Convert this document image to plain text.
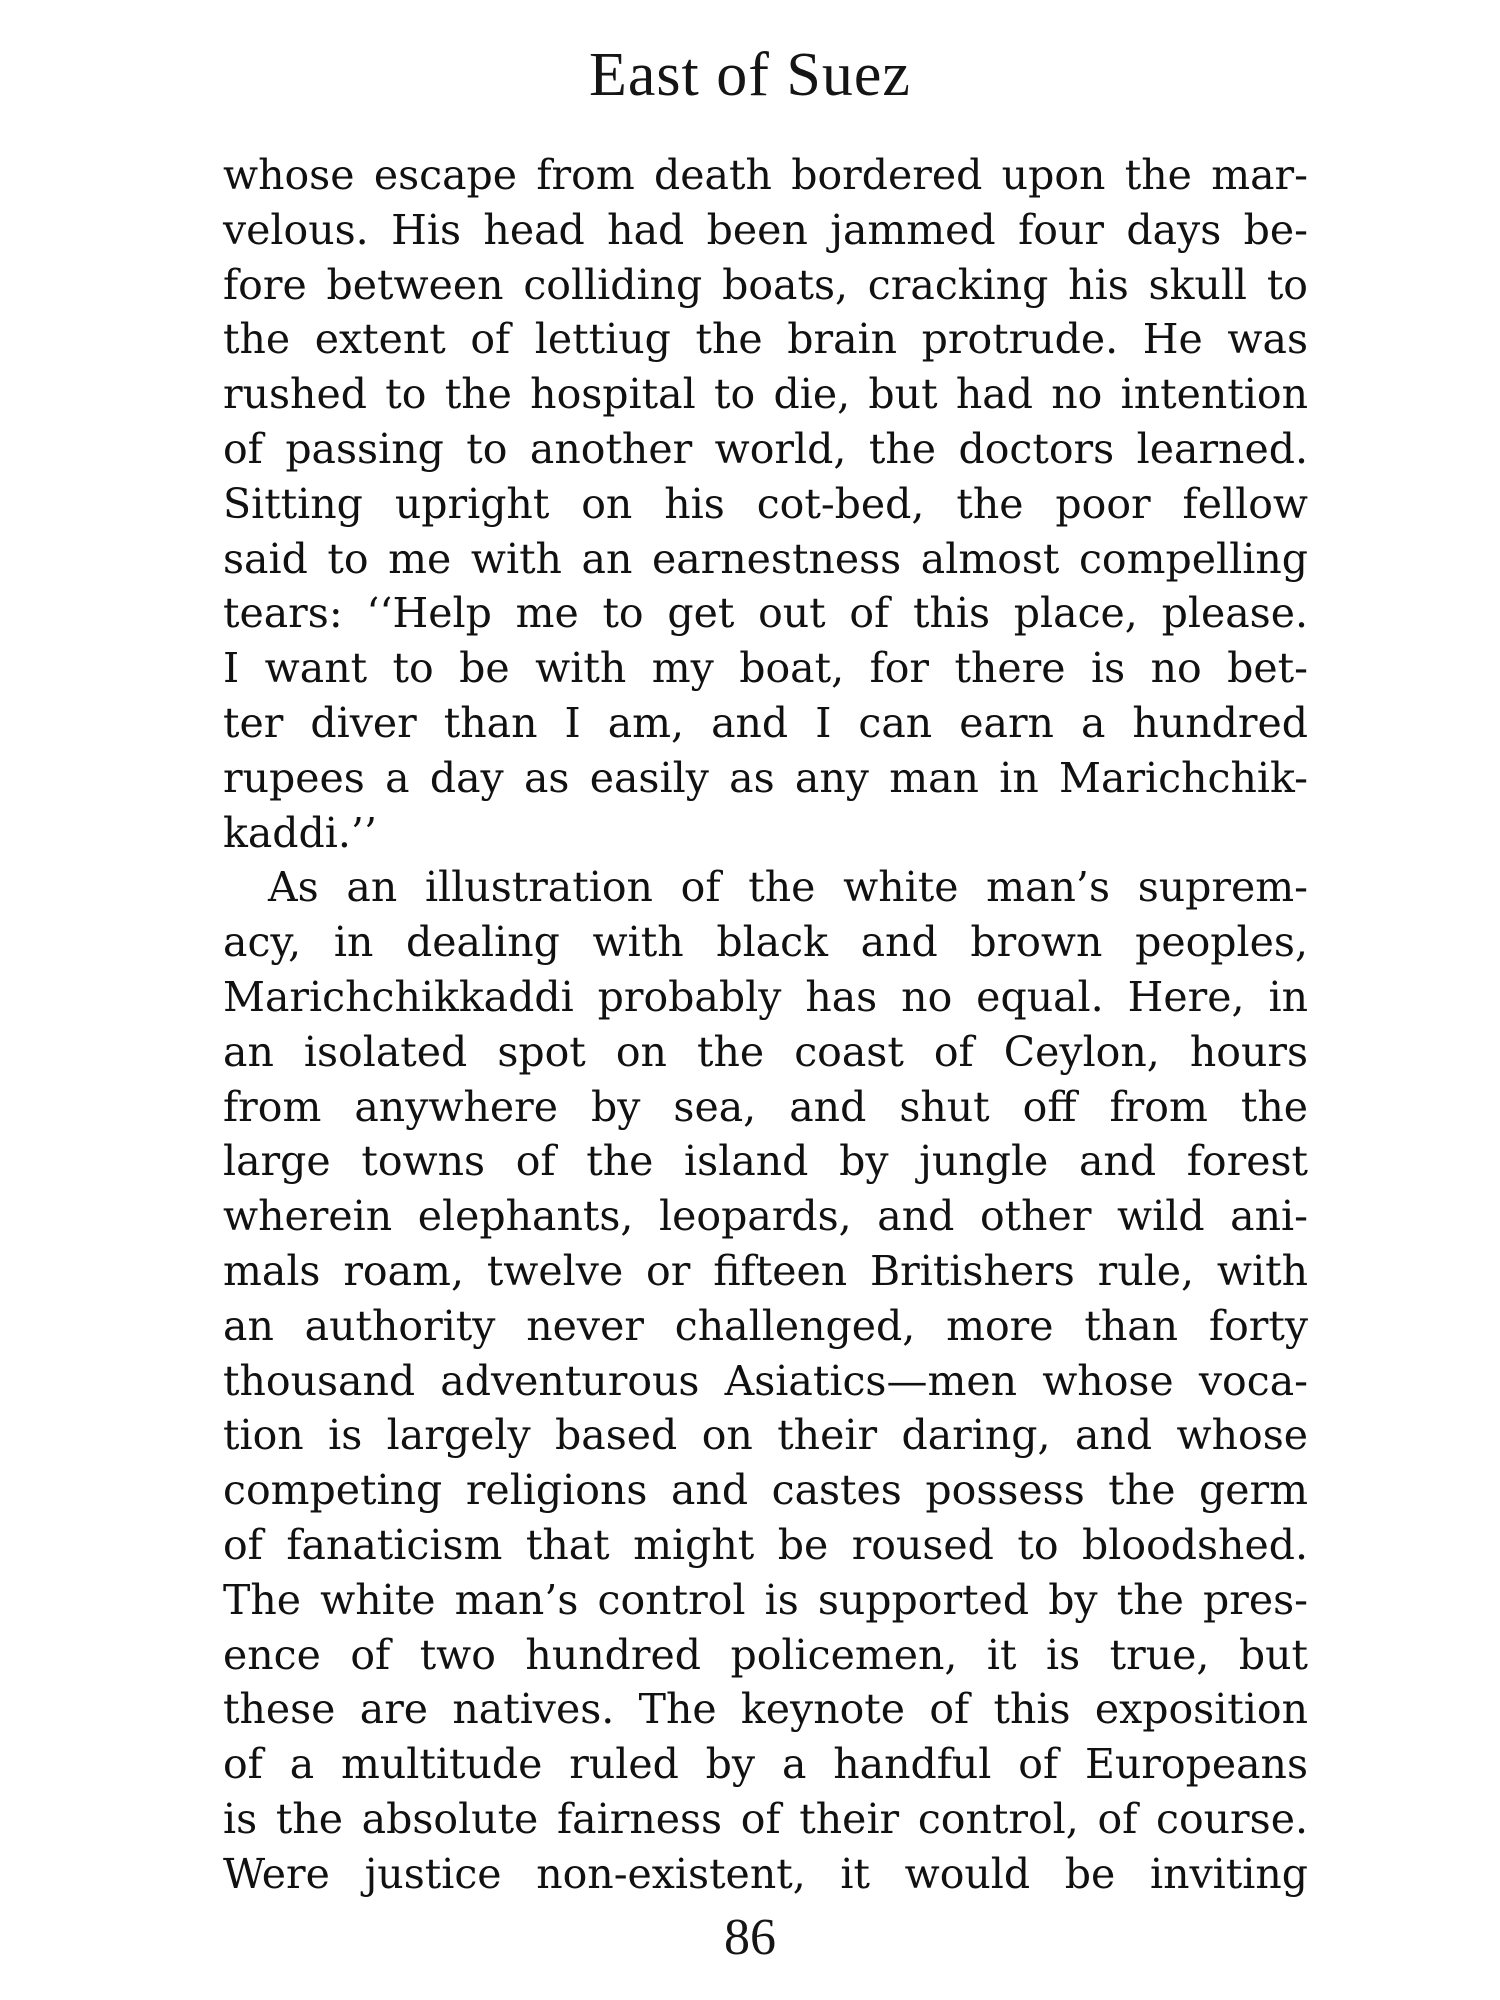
East of Suez
whose escape from death bordered upon the mar-
velous. His head had been jammed four days be-
fore between colliding boats, cracking his skull to
the extent of lettiug the brain protrude. He was
rushed to the hospital to die, but had no intention
of passing to another world, the doctors learned.
Sitting upright on his cot-bed, the poor fellow
said to me with an earnestness almost compelling
tears: ‘‘Help me to get out of this place, please.
I want to be with my boat, for there is no bet-
ter diver than I am, and I can earn a hundred
rupees a day as easily as any man in Marichchik-
kaddi.’’
As an illustration of the white man’s suprem-
acy, in dealing with black and brown peoples,
Marichchikkaddi probably has no equal. Here, in
an isolated spot on the coast of Ceylon, hours
from anywhere by sea, and shut off from the
large towns of the island by jungle and forest
wherein elephants, leopards, and other wild ani-
mals roam, twelve or fifteen Britishers rule, with
an authority never challenged, more than forty
thousand adventurous Asiatics—men whose voca-
tion is largely based on their daring, and whose
competing religions and castes possess the germ
of fanaticism that might be roused to bloodshed.
The white man’s control is supported by the pres-
ence of two hundred policemen, it is true, but
these are natives. The keynote of this exposition
of a multitude ruled by a handful of Europeans
is the absolute fairness of their control, of course.
Were justice non-existent, it would be inviting
86
